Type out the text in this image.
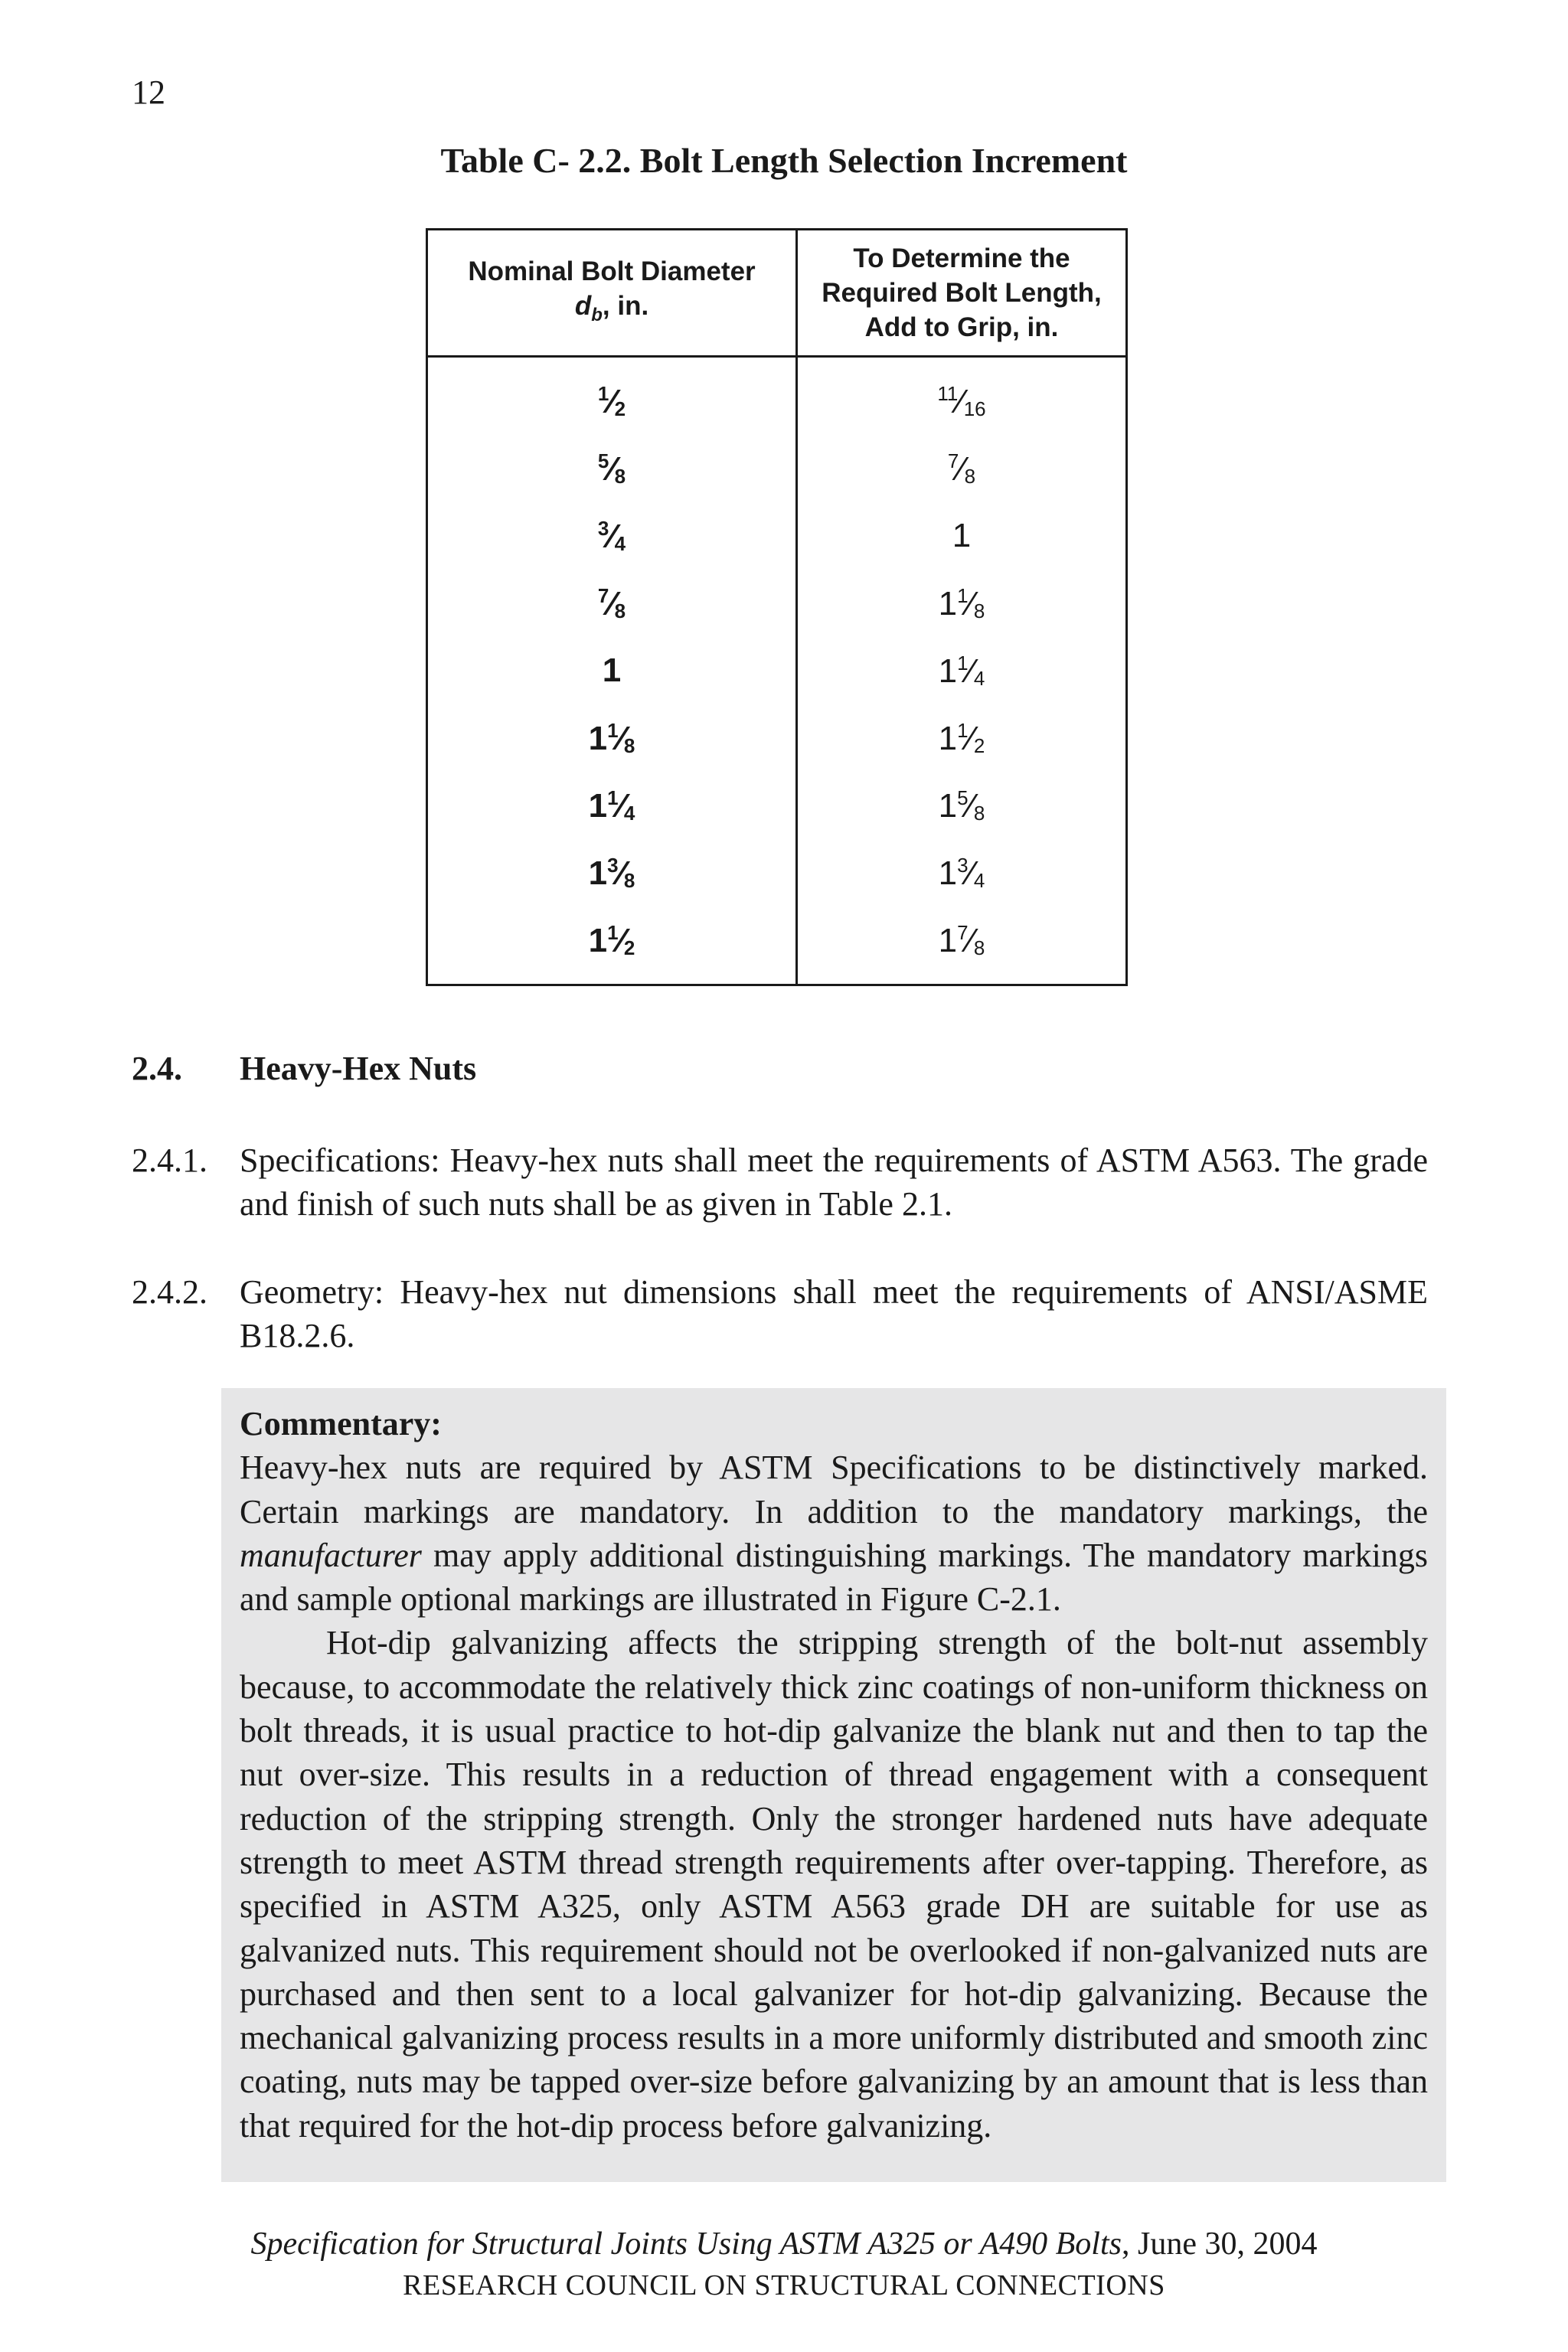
12
Table C- 2.2. Bolt Length Selection Increment
Nominal Bolt Diameter
$d_b$, in.	To Determine the Required Bolt Length, Add to Grip, in.
$^1$⁄2	$^{11}$⁄16
$^5$⁄8	$^7$⁄8
$^3$⁄4	1
$^7$⁄8	$1^1⁄8$
1	$1^1⁄4$
$1^1⁄8$	$1^1⁄2$
$1^1⁄4$	$1^5⁄8$
$1^3⁄8$	$1^3⁄4$
$1^1⁄2$	$1^7⁄8$
2.4. Heavy-Hex Nuts
2.4.1. Specifications: Heavy-hex nuts shall meet the requirements of ASTM A563. The grade and finish of such nuts shall be as given in Table 2.1.
2.4.2. Geometry: Heavy-hex nut dimensions shall meet the requirements of ANSI/ASME B18.2.6.
Commentary:

Heavy-hex nuts are required by ASTM Specifications to be distinctively marked. Certain markings are mandatory. In addition to the mandatory markings, the manufacturer may apply additional distinguishing markings. The mandatory markings and sample optional markings are illustrated in Figure C-2.1.

Hot-dip galvanizing affects the stripping strength of the bolt-nut assembly because, to accommodate the relatively thick zinc coatings of non-uniform thickness on bolt threads, it is usual practice to hot-dip galvanize the blank nut and then to tap the nut over-size. This results in a reduction of thread engagement with a consequent reduction of the stripping strength. Only the stronger hardened nuts have adequate strength to meet ASTM thread strength requirements after over-tapping. Therefore, as specified in ASTM A325, only ASTM A563 grade DH are suitable for use as galvanized nuts. This requirement should not be overlooked if non-galvanized nuts are purchased and then sent to a local galvanizer for hot-dip galvanizing. Because the mechanical galvanizing process results in a more uniformly distributed and smooth zinc coating, nuts may be tapped over-size before galvanizing by an amount that is less than that required for the hot-dip process before galvanizing.

Specification for Structural Joints Using ASTM A325 or A490 Bolts, June 30, 2004
RESEARCH COUNCIL ON STRUCTURAL CONNECTIONS
